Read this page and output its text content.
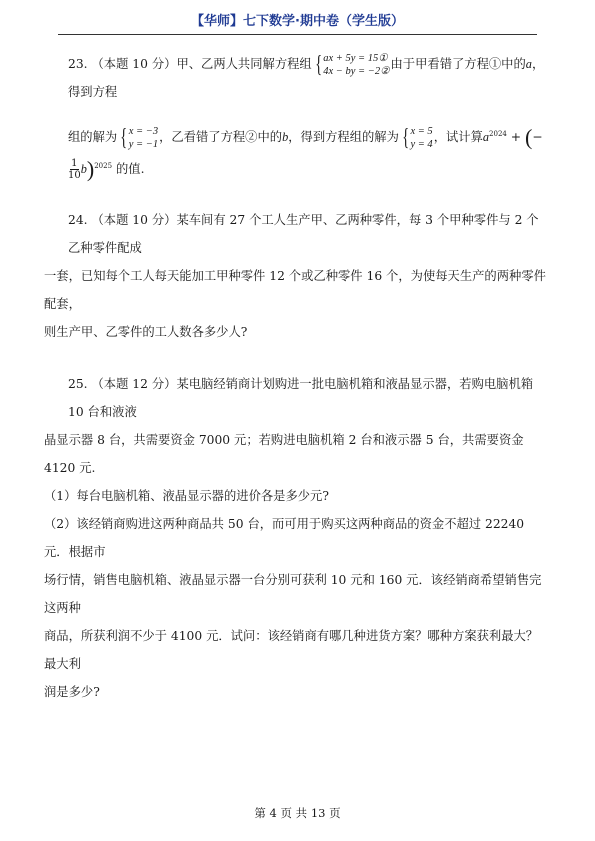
【华师】七下数学·期中卷（学生版）
23. （本题 10 分）甲、乙两人共同解方程组 { ax + 5y = 15①
4x − by = −2② 由于甲看错了方程①中的a，得到方程
组的解为 { x = −3
y = −1 ，乙看错了方程②中的b，得到方程组的解为 { x = 5
y = 4 ，试计算$a^{2024}$ + (−
$\frac{1}{10} b)^{2025}$ 的值.
24. （本题 10 分）某车间有 27 个工人生产甲、乙两种零件，每 3 个甲种零件与 2 个乙种零件配成
一套，已知每个工人每天能加工甲种零件 12 个或乙种零件 16 个，为使每天生产的两种零件配套，
则生产甲、乙零件的工人数各多少人?
25. （本题 12 分）某电脑经销商计划购进一批电脑机箱和液晶显示器，若购电脑机箱 10 台和液液
晶显示器 8 台，共需要资金 7000 元；若购进电脑机箱 2 台和液示器 5 台，共需要资金 4120 元.
（1）每台电脑机箱、液晶显示器的进价各是多少元?
（2）该经销商购进这两种商品共 50 台，而可用于购买这两种商品的资金不超过 22240 元．根据市
场行情，销售电脑机箱、液晶显示器一台分别可获利 10 元和 160 元．该经销商希望销售完这两种
商品，所获利润不少于 4100 元．试问：该经销商有哪几种进货方案？哪种方案获利最大？最大利
润是多少?
第 4 页 共 13 页
